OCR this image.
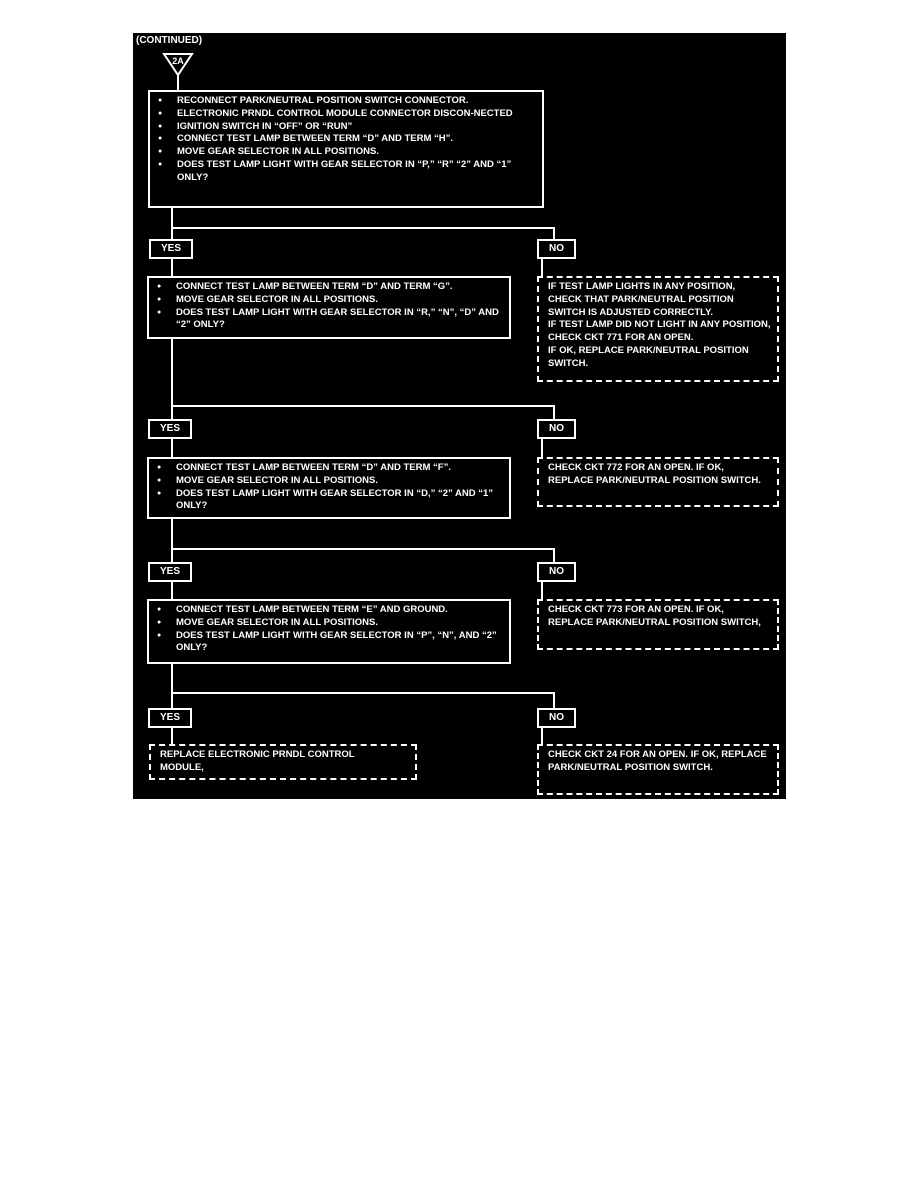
(CONTINUED)
2A
● RECONNECT PARK/NEUTRAL POSITION SWITCH CONNECTOR.
● ELECTRONIC PRNDL CONTROL MODULE CONNECTOR DISCON-NECTED
● IGNITION SWITCH IN “OFF” OR “RUN”
● CONNECT TEST LAMP BETWEEN TERM “D” AND TERM “H”.
● MOVE GEAR SELECTOR IN ALL POSITIONS.
● DOES TEST LAMP LIGHT WITH GEAR SELECTOR IN “P,” “R” “2” AND “1” ONLY?
YES	NO
● CONNECT TEST LAMP BETWEEN TERM “D” AND TERM “G”.
● MOVE GEAR SELECTOR IN ALL POSITIONS.
● DOES TEST LAMP LIGHT WITH GEAR SELECTOR IN “R,” “N”, “D” AND “2” ONLY?
IF TEST LAMP LIGHTS IN ANY POSITION, CHECK THAT PARK/NEUTRAL POSITION SWITCH IS ADJUSTED CORRECTLY.
IF TEST LAMP DID NOT LIGHT IN ANY POSITION, CHECK CKT 771 FOR AN OPEN.
IF OK, REPLACE PARK/NEUTRAL POSITION SWITCH.
YES	NO
● CONNECT TEST LAMP BETWEEN TERM “D” AND TERM “F”.
● MOVE GEAR SELECTOR IN ALL POSITIONS.
● DOES TEST LAMP LIGHT WITH GEAR SELECTOR IN “D,” “2” AND “1” ONLY?
CHECK CKT 772 FOR AN OPEN. IF OK, REPLACE PARK/NEUTRAL POSITION SWITCH.
YES	NO
● CONNECT TEST LAMP BETWEEN TERM “E” AND GROUND.
● MOVE GEAR SELECTOR IN ALL POSITIONS.
● DOES TEST LAMP LIGHT WITH GEAR SELECTOR IN “P”, “N”, AND “2” ONLY?
CHECK CKT 773 FOR AN OPEN. IF OK, REPLACE PARK/NEUTRAL POSITION SWITCH,
YES	NO
REPLACE ELECTRONIC PRNDL CONTROL MODULE,
CHECK CKT 24 FOR AN OPEN. IF OK, REPLACE PARK/NEUTRAL POSITION SWITCH.
